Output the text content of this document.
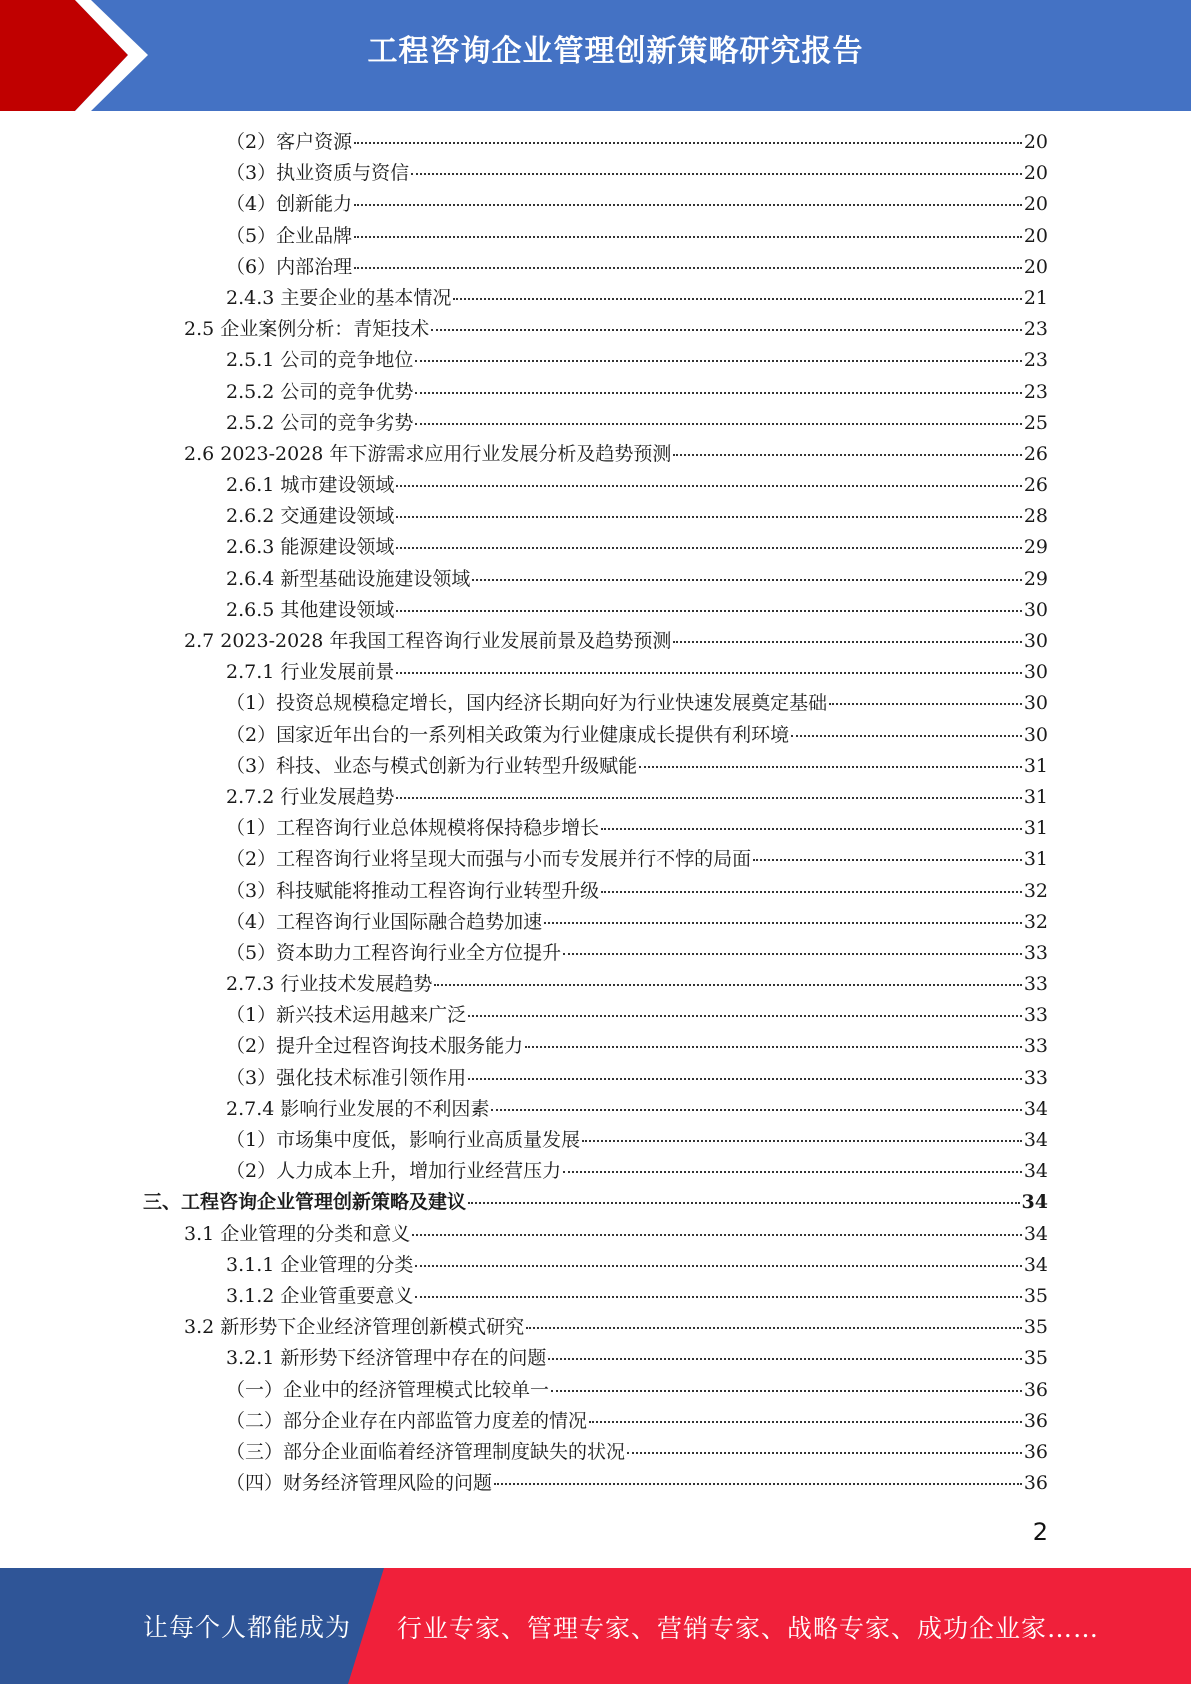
工程咨询企业管理创新策略研究报告
（2）客户资源	20
（3）执业资质与资信	20
（4）创新能力	20
（5）企业品牌	20
（6）内部治理	20
2.4.3 主要企业的基本情况	21
2.5 企业案例分析：青矩技术	23
2.5.1 公司的竞争地位	23
2.5.2 公司的竞争优势	23
2.5.2 公司的竞争劣势	25
2.6 2023-2028 年下游需求应用行业发展分析及趋势预测	26
2.6.1 城市建设领域	26
2.6.2 交通建设领域	28
2.6.3 能源建设领域	29
2.6.4 新型基础设施建设领域	29
2.6.5 其他建设领域	30
2.7 2023-2028 年我国工程咨询行业发展前景及趋势预测	30
2.7.1 行业发展前景	30
（1）投资总规模稳定增长，国内经济长期向好为行业快速发展奠定基础	30
（2）国家近年出台的一系列相关政策为行业健康成长提供有利环境	30
（3）科技、业态与模式创新为行业转型升级赋能	31
2.7.2 行业发展趋势	31
（1）工程咨询行业总体规模将保持稳步增长	31
（2）工程咨询行业将呈现大而强与小而专发展并行不悖的局面	31
（3）科技赋能将推动工程咨询行业转型升级	32
（4）工程咨询行业国际融合趋势加速	32
（5）资本助力工程咨询行业全方位提升	33
2.7.3 行业技术发展趋势	33
（1）新兴技术运用越来广泛	33
（2）提升全过程咨询技术服务能力	33
（3）强化技术标准引领作用	33
2.7.4 影响行业发展的不利因素	34
（1）市场集中度低，影响行业高质量发展	34
（2）人力成本上升，增加行业经营压力	34
三、工程咨询企业管理创新策略及建议	34
3.1 企业管理的分类和意义	34
3.1.1 企业管理的分类	34
3.1.2 企业管重要意义	35
3.2 新形势下企业经济管理创新模式研究	35
3.2.1 新形势下经济管理中存在的问题	35
（一）企业中的经济管理模式比较单一	36
（二）部分企业存在内部监管力度差的情况	36
（三）部分企业面临着经济管理制度缺失的状况	36
（四）财务经济管理风险的问题	36
2
让每个人都能成为 行业专家、管理专家、营销专家、战略专家、成功企业家……
